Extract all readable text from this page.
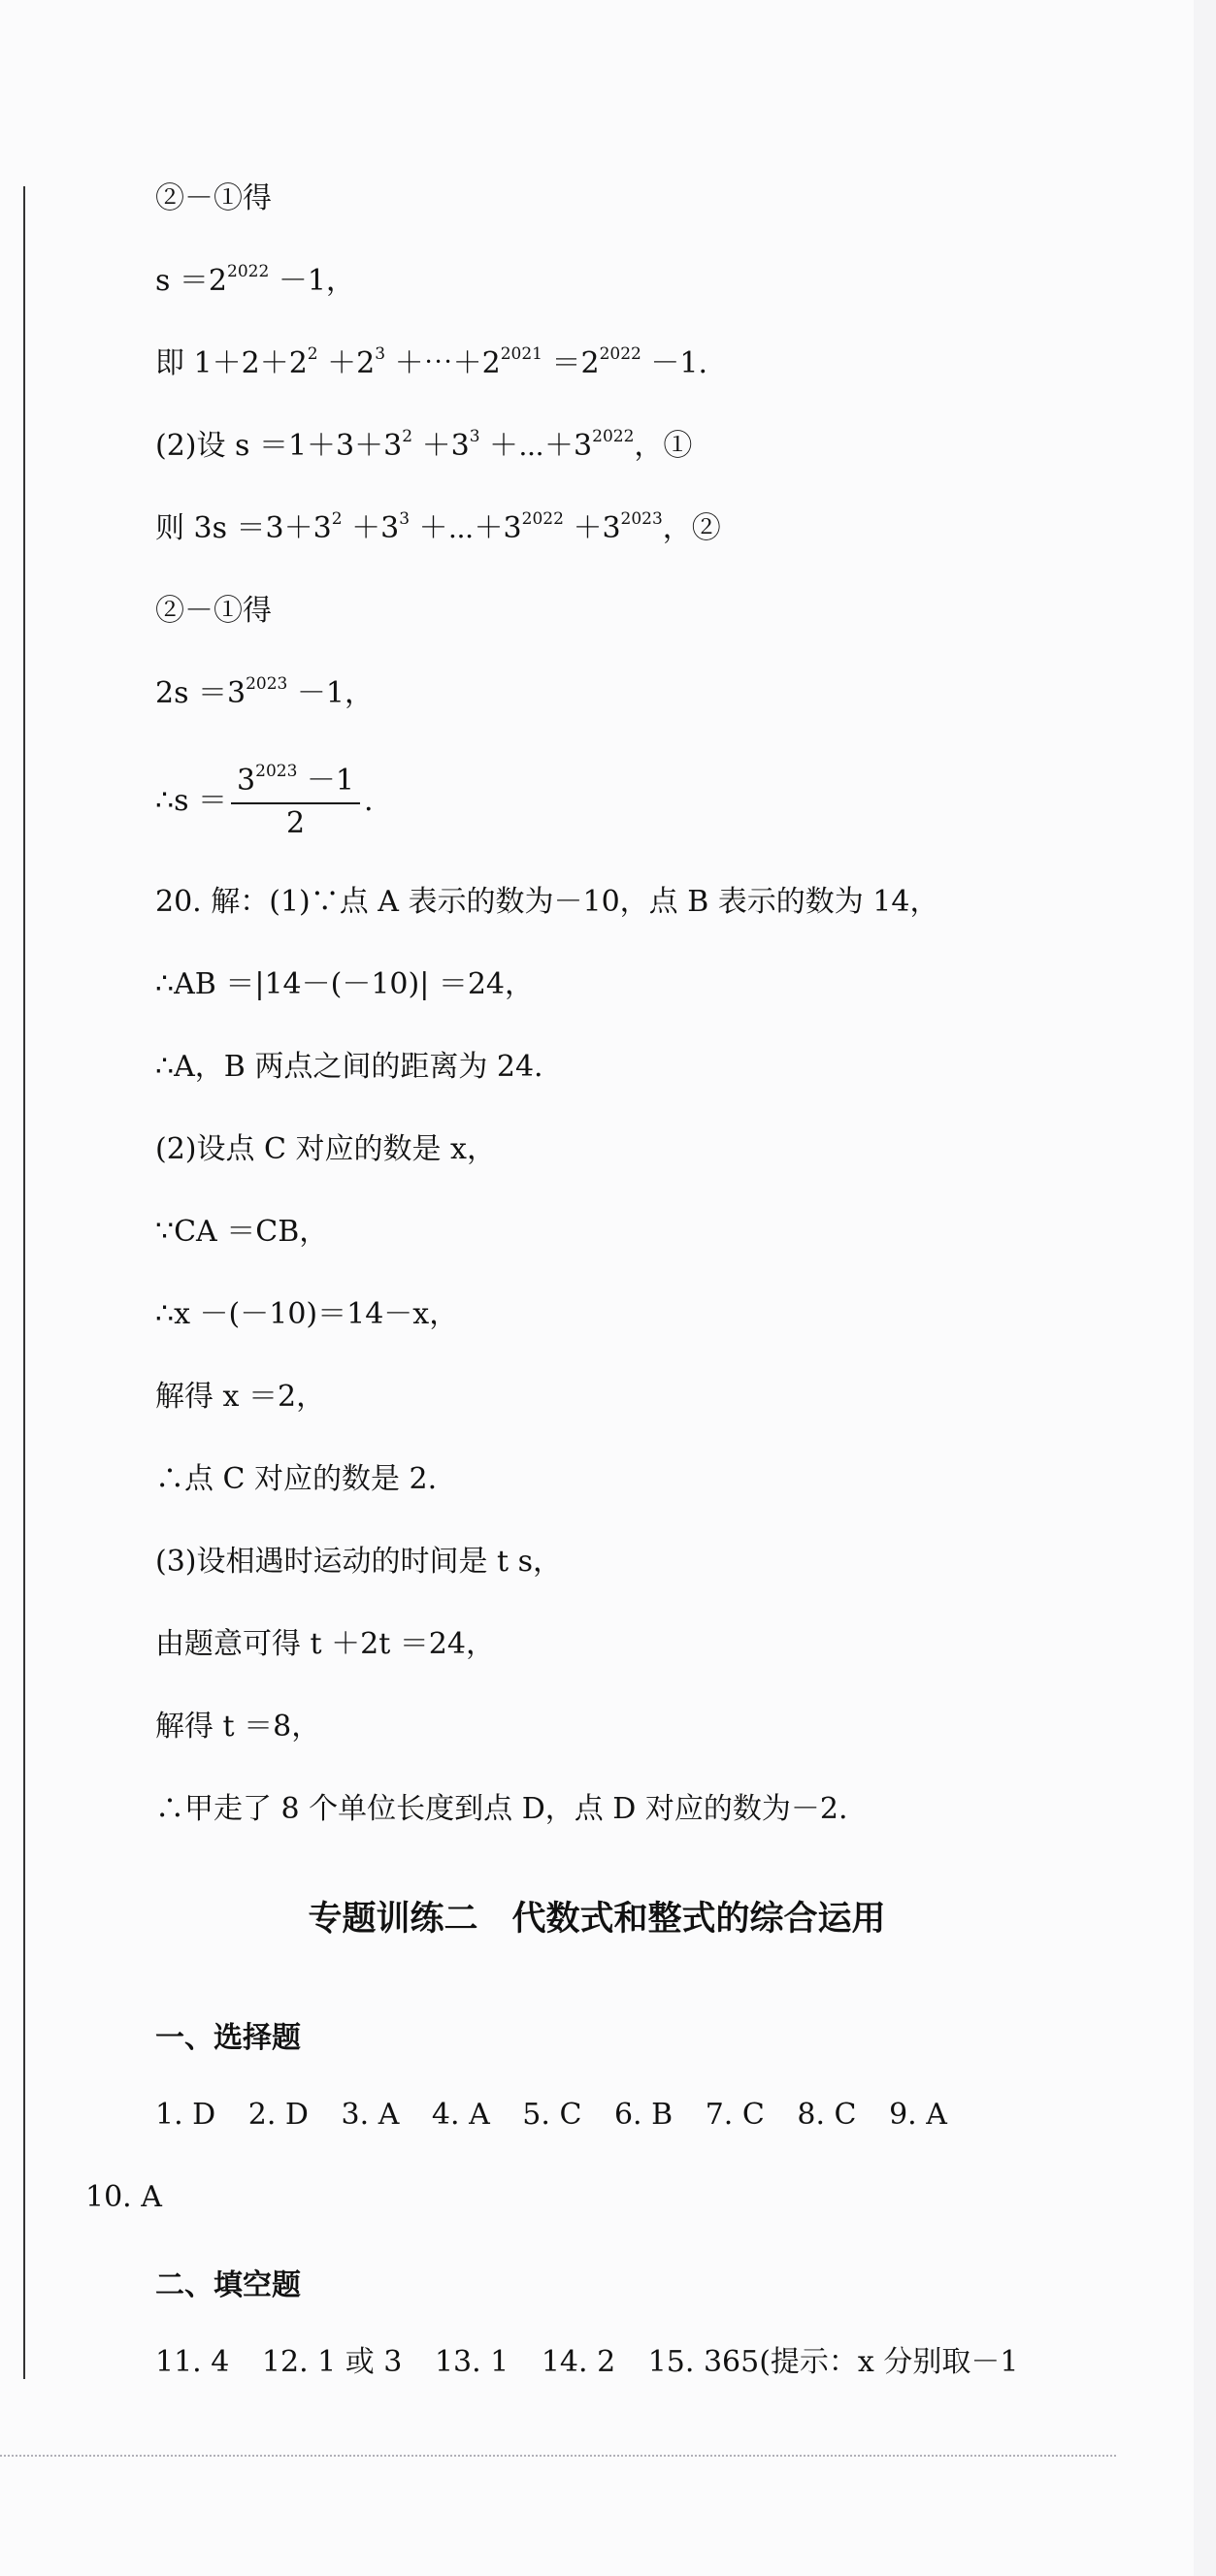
②－①得
$s =2^{2022} -1$，
即 $1+2+2^2 +2^3$ $+\cdots+2^{2021} =2^{2022} -1$.
(2)设 $s =1+3+3^2 +3^3$ $+\cdots+3^{2022}$，①
则 $3s =3+3^2 +3^3$ $+\cdots+3^{2022} +3^{2023}$，②
②－①得
$2s =3^{2023} -1$，
∴s ＝ $\frac{3^{2023} -1}{2}$ .
20. 解：(1)∵点 A 表示的数为－10，点 B 表示的数为 14，
∴AB ＝|14－(－10)| ＝24，
∴A，B 两点之间的距离为 24.
(2)设点 C 对应的数是 x，
∵CA ＝CB，
∴x －(－10)＝14－x，
解得 x ＝2，
∴点 C 对应的数是 2.
(3)设相遇时运动的时间是 t s，
由题意可得 t ＋2t ＝24，
解得 t ＝8，
∴甲走了 8 个单位长度到点 D，点 D 对应的数为－2.
专题训练二　代数式和整式的综合运用
一、选择题
1. D 2. D 3. A 4. A 5. C 6. B 7. C 8. C 9. A
10. A
二、填空题
11. 4 12. 1 或 3 13. 1 14. 2 15. 365(提示：x 分别取－1
